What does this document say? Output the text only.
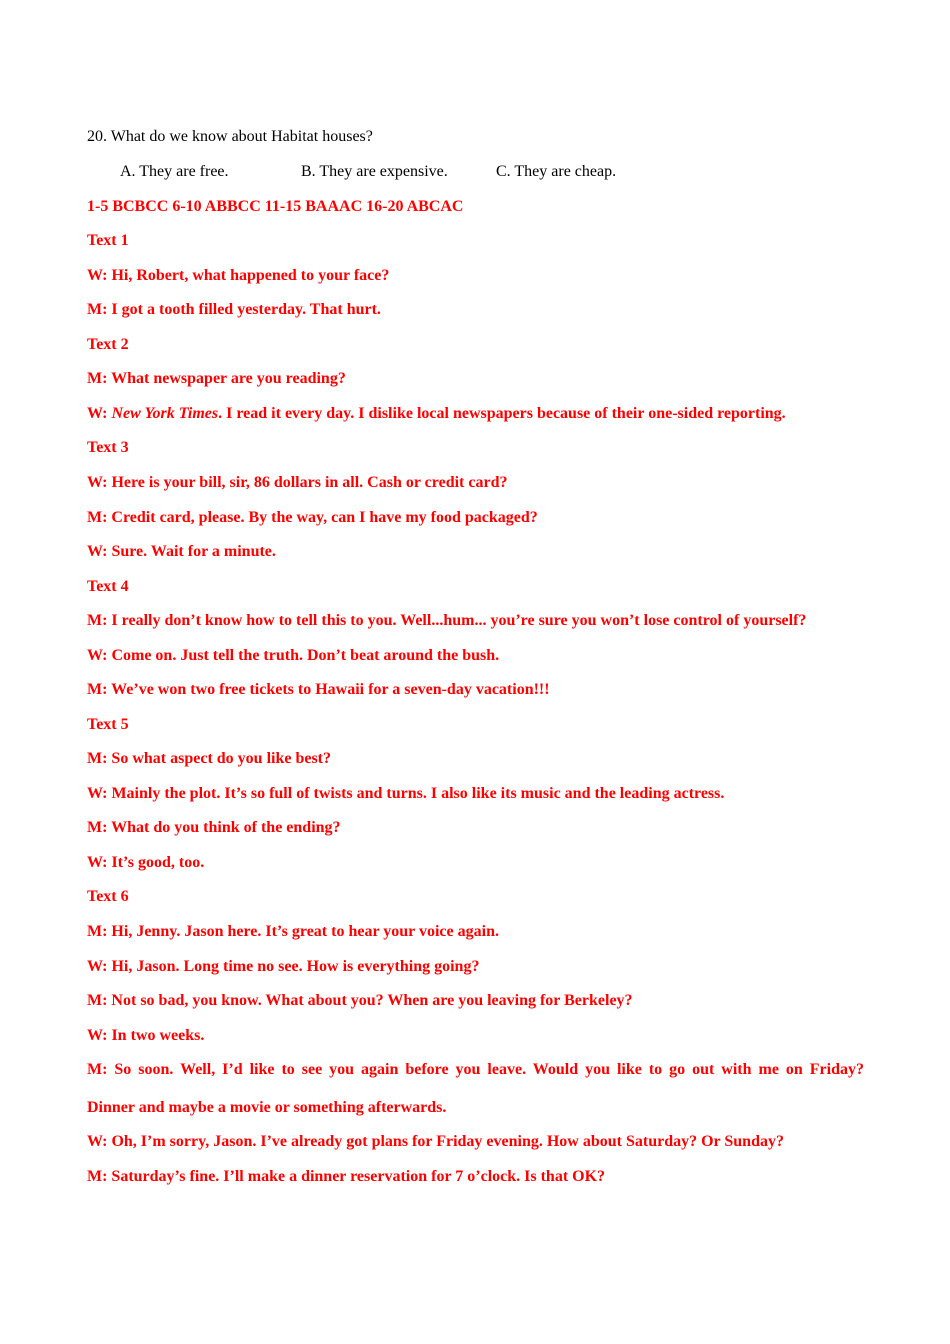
20. What do we know about Habitat houses?
A. They are free.	B. They are expensive.	C. They are cheap.
1-5 BCBCC 6-10 ABBCC 11-15 BAAAC 16-20 ABCAC
Text 1
W: Hi, Robert, what happened to your face?
M: I got a tooth filled yesterday. That hurt.
Text 2
M: What newspaper are you reading?
W: New York Times. I read it every day. I dislike local newspapers because of their one-sided reporting.
Text 3
W: Here is your bill, sir, 86 dollars in all. Cash or credit card?
M: Credit card, please. By the way, can I have my food packaged?
W: Sure. Wait for a minute.
Text 4
M: I really don’t know how to tell this to you. Well...hum... you’re sure you won’t lose control of yourself?
W: Come on. Just tell the truth. Don’t beat around the bush.
M: We’ve won two free tickets to Hawaii for a seven-day vacation!!!
Text 5
M: So what aspect do you like best?
W: Mainly the plot. It’s so full of twists and turns. I also like its music and the leading actress.
M: What do you think of the ending?
W: It’s good, too.
Text 6
M: Hi, Jenny. Jason here. It’s great to hear your voice again.
W: Hi, Jason. Long time no see. How is everything going?
M: Not so bad, you know. What about you? When are you leaving for Berkeley?
W: In two weeks.
M: So soon. Well, I’d like to see you again before you leave. Would you like to go out with me on Friday?
Dinner and maybe a movie or something afterwards.
W: Oh, I’m sorry, Jason. I’ve already got plans for Friday evening. How about Saturday? Or Sunday?
M: Saturday’s fine. I’ll make a dinner reservation for 7 o’clock. Is that OK?
